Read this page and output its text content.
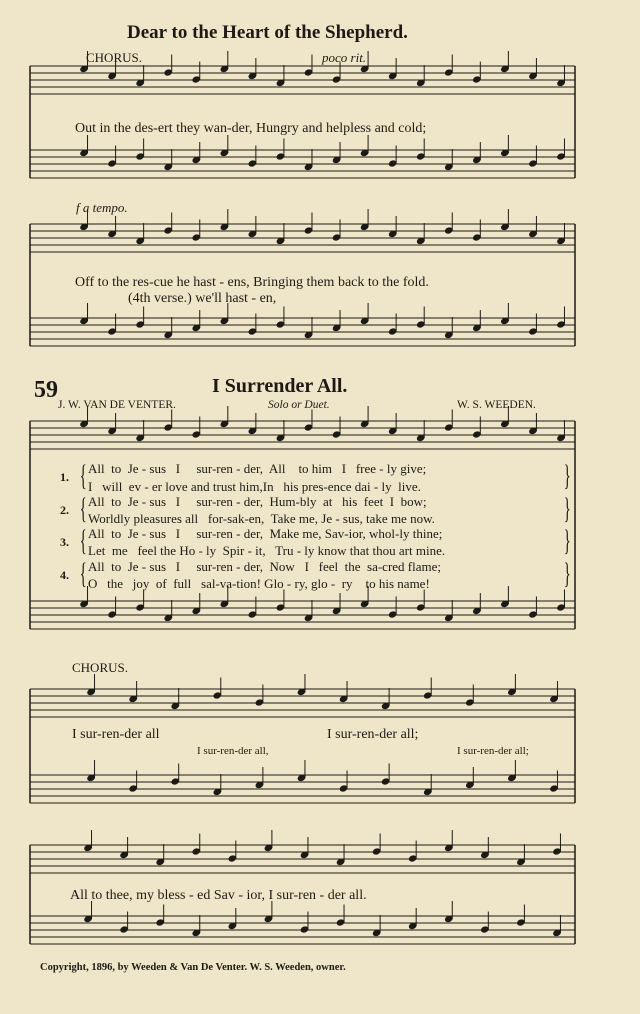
Dear to the Heart of the Shepherd.
CHORUS.	poco rit.
Out in the des-ert they wan-der, Hungry and helpless and cold;
f a tempo.
Off to the res-cue he hast - ens, Bringing them back to the fold.
(4th verse.) we'll hast - en,
59	I Surrender All.
J. W. VAN DE VENTER.	Solo or Duet.	W. S. WEEDEN.
1. {	}
All  to  Je - sus   I     sur-ren - der,  All    to him   I   free - ly give;
I   will  ev - er love and trust him,In   his pres-ence dai - ly  live.
2. {	}
All  to  Je - sus   I     sur-ren - der,  Hum-bly  at   his  feet  I  bow;
Worldly pleasures all   for-sak-en,  Take me, Je - sus, take me now.
3. {	}
All  to  Je - sus   I     sur-ren - der,  Make me, Sav-ior, whol-ly thine;
Let  me   feel the Ho - ly  Spir - it,   Tru - ly know that thou art mine.
4. {	}
All  to  Je - sus   I     sur-ren - der,  Now   I   feel  the  sa-cred flame;
O   the   joy  of  full   sal-va-tion! Glo - ry, glo -  ry    to his name!
CHORUS.
I sur-ren-der all	I sur-ren-der all;
I sur-ren-der all,	I sur-ren-der all;
All to thee, my bless - ed Sav - ior, I sur-ren - der all.
Copyright, 1896, by Weeden & Van De Venter. W. S. Weeden, owner.
